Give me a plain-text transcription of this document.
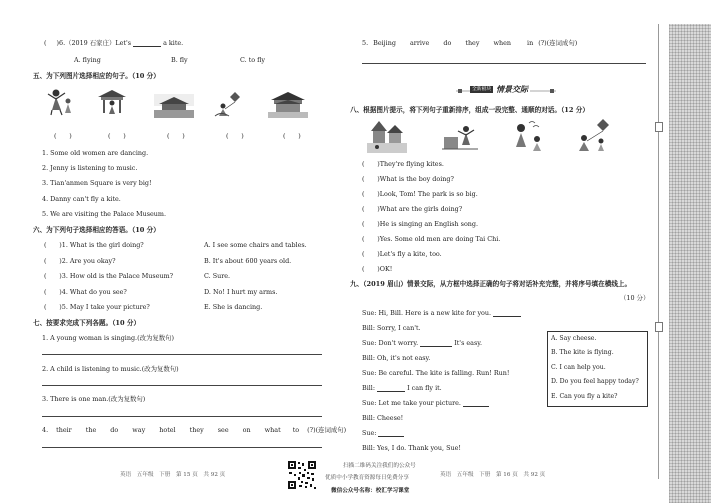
( )6.（2019 石家庄）Let's	a kite.
A. flying	B. fly	C. to fly
五、为下列图片选择相应的句子。（10 分）
(　　)	(　　)	(　　)	(　　)	(　　)
1. Some old women are dancing.
2. Jenny is listening to music.
3. Tian'anmen Square is very big!
4. Danny can't fly a kite.
5. We are visiting the Palace Museum.
六、为下列句子选择相应的答语。（10 分）
(　　)1. What is the girl doing?
(　　)2. Are you okay?
(　　)3. How old is the Palace Museum?
(　　)4. What do you see?
(　　)5. May I take your picture?
A. I see some chairs and tables.
B. It's about 600 years old.
C. Sure.
D. No! I hurt my arms.
E. She is dancing.
七、按要求完成下列各题。（10 分）
1. A young woman is singing.(改为复数句)
2. A child is listening to music.(改为复数句)
3. There is one man.(改为复数句)
4. their the do way hotel they see on what to (?)(连词成句)
英语　五年级　下册　第 15 页　共 92 页
扫描二维码关注我们的公众号
优质中小学教育资源每日免费分享
微信公众号名称：校汇学习课堂
5. Beijing arrive do they when	in (?)(连词成句)
全新板块 情景交际
八、根据图片提示，将下列句子重新排序，组成一段完整、通顺的对话。（12 分）
(　　)They're flying kites.
(　　)What is the boy doing?
(　　)Look, Tom! The park is so big.
(　　)What are the girls doing?
(　　)He is singing an English song.
(　　)Yes. Some old men are doing Tai Chi.
(　　)Let's fly a kite, too.
(　　)OK!
九、（2019 眉山）情景交际，从方框中选择正确的句子将对话补充完整，并将序号填在横线上。
（10 分）
Sue: Hi, Bill. Here is a new kite for you.
Bill: Sorry, I can't.
Sue: Don't worry.	It's easy.
Bill: Oh, it's not easy.
Sue: Be careful. The kite is falling. Run! Run!
Bill:	I can fly it.
Sue: Let me take your picture.
Bill: Cheese!
Sue:
Bill: Yes, I do. Thank you, Sue!
A. Say cheese.
B. The kite is flying.
C. I can help you.
D. Do you feel happy today?
E. Can you fly a kite?
英语　五年级　下册　第 16 页　共 92 页
